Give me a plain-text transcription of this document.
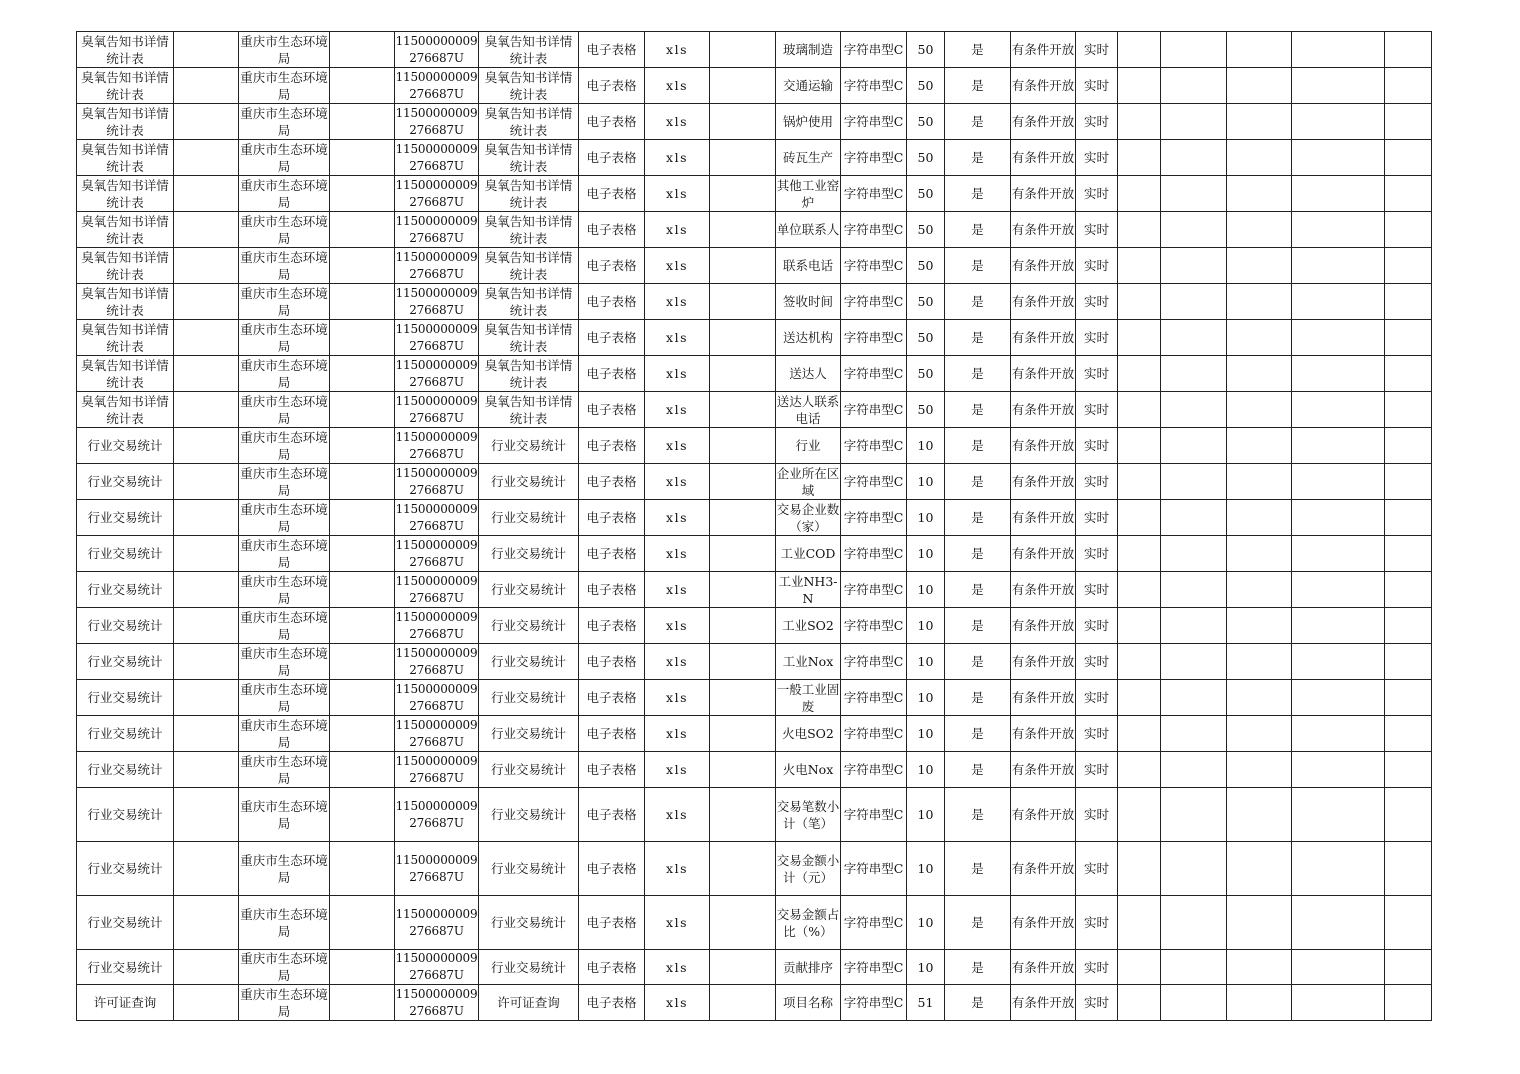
臭氧告知书详情统计表		重庆市生态环境局		11500000009276687U	臭氧告知书详情统计表	电子表格	xls		玻璃制造	字符串型C	50	是	有条件开放	实时					
臭氧告知书详情统计表		重庆市生态环境局		11500000009276687U	臭氧告知书详情统计表	电子表格	xls		交通运输	字符串型C	50	是	有条件开放	实时					
臭氧告知书详情统计表		重庆市生态环境局		11500000009276687U	臭氧告知书详情统计表	电子表格	xls		锅炉使用	字符串型C	50	是	有条件开放	实时					
臭氧告知书详情统计表		重庆市生态环境局		11500000009276687U	臭氧告知书详情统计表	电子表格	xls		砖瓦生产	字符串型C	50	是	有条件开放	实时					
臭氧告知书详情统计表		重庆市生态环境局		11500000009276687U	臭氧告知书详情统计表	电子表格	xls		其他工业窑炉	字符串型C	50	是	有条件开放	实时					
臭氧告知书详情统计表		重庆市生态环境局		11500000009276687U	臭氧告知书详情统计表	电子表格	xls		单位联系人	字符串型C	50	是	有条件开放	实时					
臭氧告知书详情统计表		重庆市生态环境局		11500000009276687U	臭氧告知书详情统计表	电子表格	xls		联系电话	字符串型C	50	是	有条件开放	实时					
臭氧告知书详情统计表		重庆市生态环境局		11500000009276687U	臭氧告知书详情统计表	电子表格	xls		签收时间	字符串型C	50	是	有条件开放	实时					
臭氧告知书详情统计表		重庆市生态环境局		11500000009276687U	臭氧告知书详情统计表	电子表格	xls		送达机构	字符串型C	50	是	有条件开放	实时					
臭氧告知书详情统计表		重庆市生态环境局		11500000009276687U	臭氧告知书详情统计表	电子表格	xls		送达人	字符串型C	50	是	有条件开放	实时					
臭氧告知书详情统计表		重庆市生态环境局		11500000009276687U	臭氧告知书详情统计表	电子表格	xls		送达人联系电话	字符串型C	50	是	有条件开放	实时					
行业交易统计		重庆市生态环境局		11500000009276687U	行业交易统计	电子表格	xls		行业	字符串型C	10	是	有条件开放	实时					
行业交易统计		重庆市生态环境局		11500000009276687U	行业交易统计	电子表格	xls		企业所在区域	字符串型C	10	是	有条件开放	实时					
行业交易统计		重庆市生态环境局		11500000009276687U	行业交易统计	电子表格	xls		交易企业数（家）	字符串型C	10	是	有条件开放	实时					
行业交易统计		重庆市生态环境局		11500000009276687U	行业交易统计	电子表格	xls		工业COD	字符串型C	10	是	有条件开放	实时					
行业交易统计		重庆市生态环境局		11500000009276687U	行业交易统计	电子表格	xls		工业NH3-N	字符串型C	10	是	有条件开放	实时					
行业交易统计		重庆市生态环境局		11500000009276687U	行业交易统计	电子表格	xls		工业SO2	字符串型C	10	是	有条件开放	实时					
行业交易统计		重庆市生态环境局		11500000009276687U	行业交易统计	电子表格	xls		工业Nox	字符串型C	10	是	有条件开放	实时					
行业交易统计		重庆市生态环境局		11500000009276687U	行业交易统计	电子表格	xls		一般工业固废	字符串型C	10	是	有条件开放	实时					
行业交易统计		重庆市生态环境局		11500000009276687U	行业交易统计	电子表格	xls		火电SO2	字符串型C	10	是	有条件开放	实时					
行业交易统计		重庆市生态环境局		11500000009276687U	行业交易统计	电子表格	xls		火电Nox	字符串型C	10	是	有条件开放	实时					
行业交易统计		重庆市生态环境局		11500000009276687U	行业交易统计	电子表格	xls		交易笔数小计（笔）	字符串型C	10	是	有条件开放	实时					
行业交易统计		重庆市生态环境局		11500000009276687U	行业交易统计	电子表格	xls		交易金额小计（元）	字符串型C	10	是	有条件开放	实时					
行业交易统计		重庆市生态环境局		11500000009276687U	行业交易统计	电子表格	xls		交易金额占比（%）	字符串型C	10	是	有条件开放	实时					
行业交易统计		重庆市生态环境局		11500000009276687U	行业交易统计	电子表格	xls		贡献排序	字符串型C	10	是	有条件开放	实时					
许可证查询		重庆市生态环境局		11500000009276687U	许可证查询	电子表格	xls		项目名称	字符串型C	51	是	有条件开放	实时					
